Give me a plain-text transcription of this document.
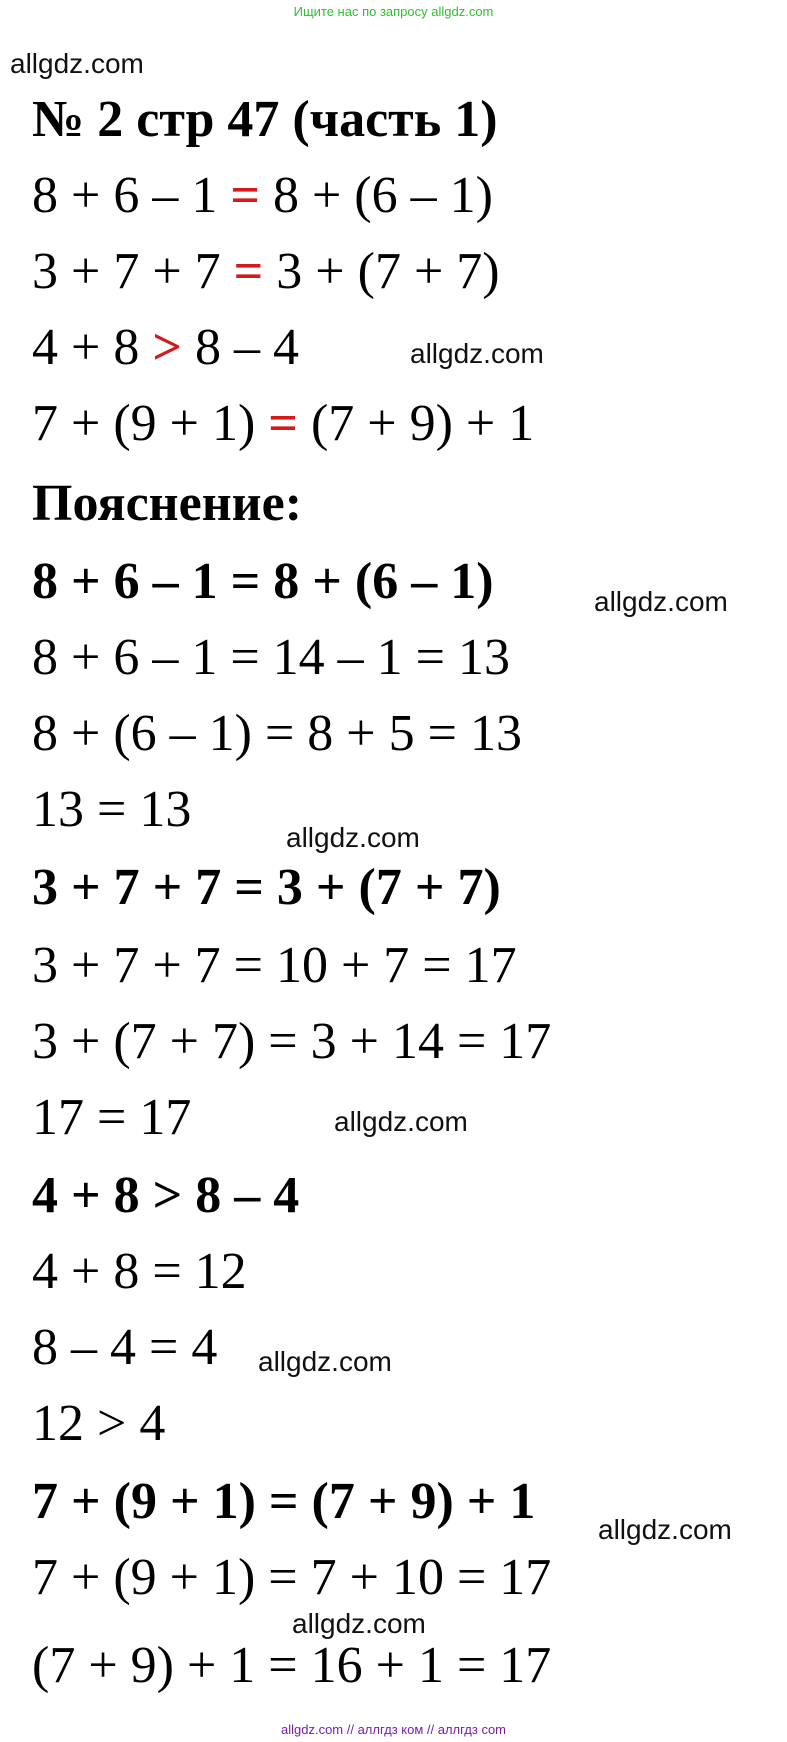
Ищите нас по запросу allgdz.com
allgdz.com
allgdz.com
allgdz.com
allgdz.com
allgdz.com
allgdz.com
allgdz.com
allgdz.com
№ 2 стр 47 (часть 1)
8 + 6 – 1 = 8 + (6 – 1)
3 + 7 + 7 = 3 + (7 + 7)
4 + 8 > 8 – 4
7 + (9 + 1) = (7 + 9) + 1
Пояснение:
8 + 6 – 1 = 8 + (6 – 1)
8 + 6 – 1 = 14 – 1 = 13
8 + (6 – 1) = 8 + 5 = 13
13 = 13
3 + 7 + 7 = 3 + (7 + 7)
3 + 7 + 7 = 10 + 7 = 17
3 + (7 + 7) = 3 + 14 = 17
17 = 17
4 + 8 > 8 – 4
4 + 8 = 12
8 – 4 = 4
12 > 4
7 + (9 + 1) = (7 + 9) + 1
7 + (9 + 1) = 7 + 10 = 17
(7 + 9) + 1 = 16 + 1 = 17
allgdz.com // аллгдз ком // аллгдз com
